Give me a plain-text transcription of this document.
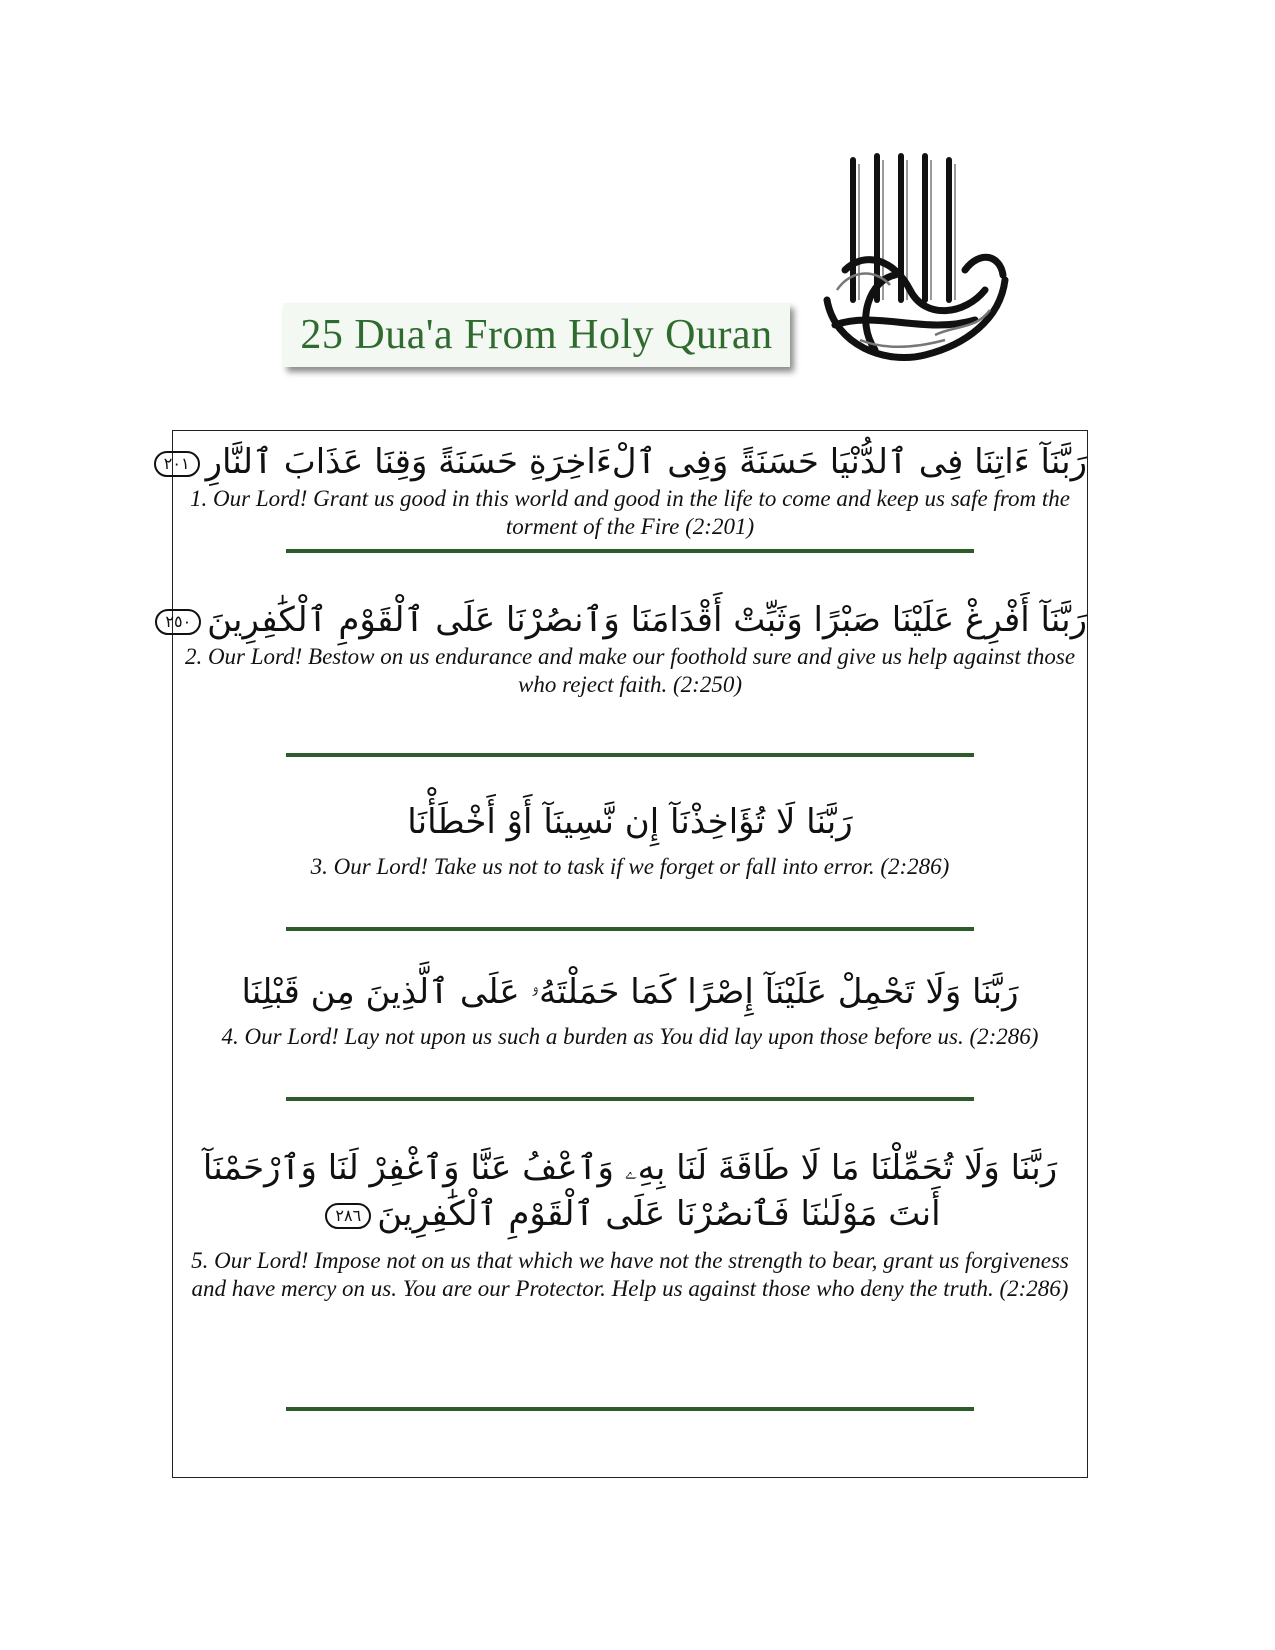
25 Dua'a From Holy Quran
رَبَّنَآ ءَاتِنَا فِى ٱلدُّنْيَا حَسَنَةً وَفِى ٱلْءَاخِرَةِ حَسَنَةً وَقِنَا عَذَابَ ٱلنَّارِ٢٠١
1. Our Lord! Grant us good in this world and good in the life to come and keep us safe from the torment of the Fire (2:201)
رَبَّنَآ أَفْرِغْ عَلَيْنَا صَبْرًا وَثَبِّتْ أَقْدَامَنَا وَٱنصُرْنَا عَلَى ٱلْقَوْمِ ٱلْكَٰفِرِينَ٢٥٠
2. Our Lord! Bestow on us endurance and make our foothold sure and give us help against those who reject faith. (2:250)
رَبَّنَا لَا تُؤَاخِذْنَآ إِن نَّسِينَآ أَوْ أَخْطَأْنَا
3. Our Lord! Take us not to task if we forget or fall into error. (2:286)
رَبَّنَا وَلَا تَحْمِلْ عَلَيْنَآ إِصْرًا كَمَا حَمَلْتَهُۥ عَلَى ٱلَّذِينَ مِن قَبْلِنَا
4. Our Lord! Lay not upon us such a burden as You did lay upon those before us. (2:286)
رَبَّنَا وَلَا تُحَمِّلْنَا مَا لَا طَاقَةَ لَنَا بِهِۦ وَٱعْفُ عَنَّا وَٱغْفِرْ لَنَا وَٱرْحَمْنَآ
أَنتَ مَوْلَىٰنَا فَٱنصُرْنَا عَلَى ٱلْقَوْمِ ٱلْكَٰفِرِينَ٢٨٦
5. Our Lord! Impose not on us that which we have not the strength to bear, grant us forgiveness and have mercy on us. You are our Protector. Help us against those who deny the truth. (2:286)
